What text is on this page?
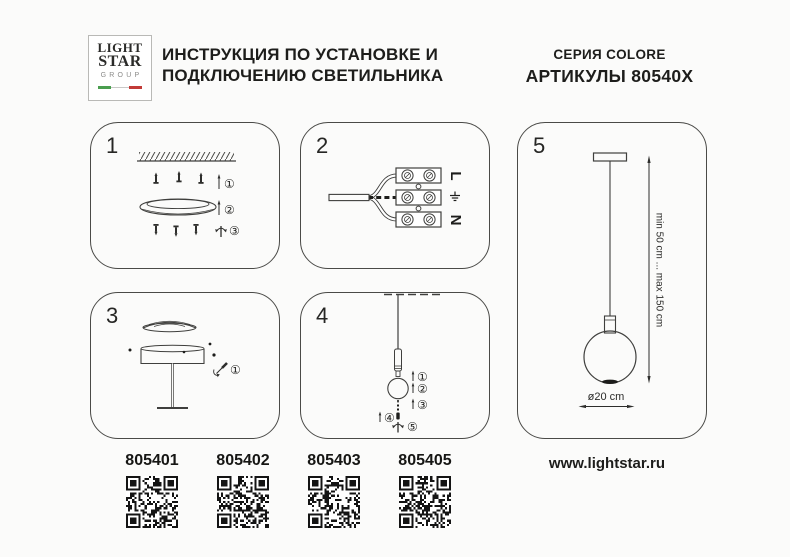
LIGHT
STAR
GROUP
ИНСТРУКЦИЯ ПО УСТАНОВКЕ И
ПОДКЛЮЧЕНИЮ СВЕТИЛЬНИКА
СЕРИЯ COLORE
АРТИКУЛЫ 80540X
1
①
②
③
2
L
N
3
①
4
①
②
③
④
⑤
5
min 50 cm ... max 150 cm
ø20 cm
805401	805402	805403	805405	www.lightstar.ru
